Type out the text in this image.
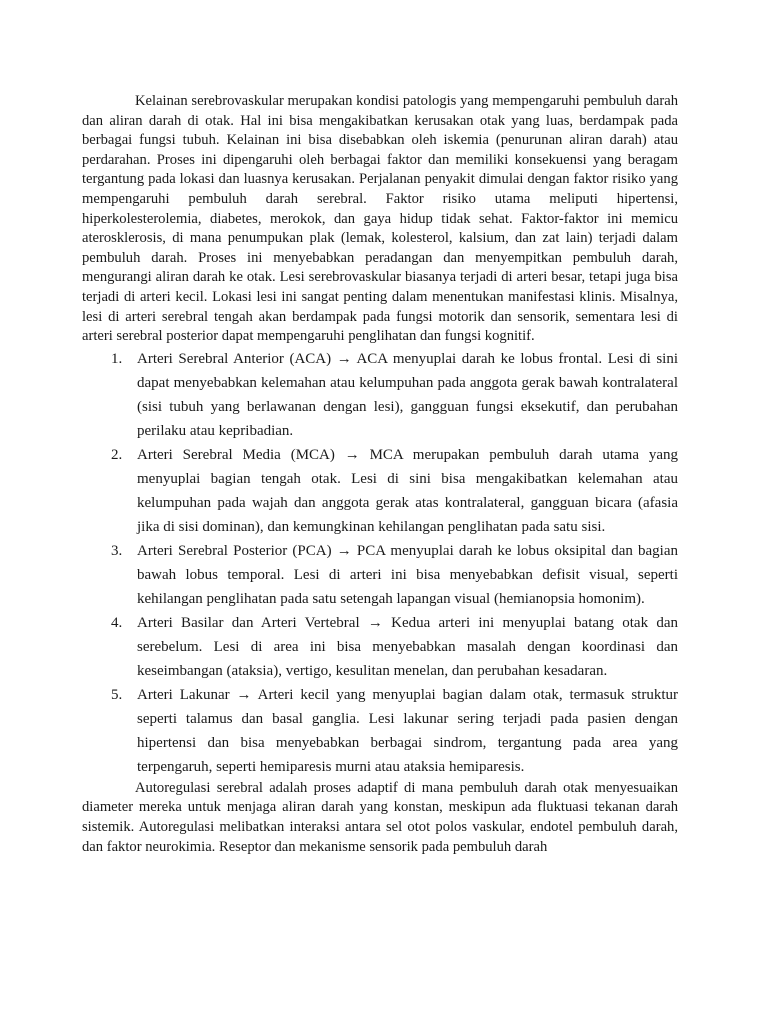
Kelainan serebrovaskular merupakan kondisi patologis yang mempengaruhi pembuluh darah dan aliran darah di otak. Hal ini bisa mengakibatkan kerusakan otak yang luas, berdampak pada berbagai fungsi tubuh. Kelainan ini bisa disebabkan oleh iskemia (penurunan aliran darah) atau perdarahan. Proses ini dipengaruhi oleh berbagai faktor dan memiliki konsekuensi yang beragam tergantung pada lokasi dan luasnya kerusakan. Perjalanan penyakit dimulai dengan faktor risiko yang mempengaruhi pembuluh darah serebral. Faktor risiko utama meliputi hipertensi, hiperkolesterolemia, diabetes, merokok, dan gaya hidup tidak sehat. Faktor-faktor ini memicu aterosklerosis, di mana penumpukan plak (lemak, kolesterol, kalsium, dan zat lain) terjadi dalam pembuluh darah. Proses ini menyebabkan peradangan dan menyempitkan pembuluh darah, mengurangi aliran darah ke otak. Lesi serebrovaskular biasanya terjadi di arteri besar, tetapi juga bisa terjadi di arteri kecil. Lokasi lesi ini sangat penting dalam menentukan manifestasi klinis. Misalnya, lesi di arteri serebral tengah akan berdampak pada fungsi motorik dan sensorik, sementara lesi di arteri serebral posterior dapat mempengaruhi penglihatan dan fungsi kognitif.

1. Arteri Serebral Anterior (ACA) → ACA menyuplai darah ke lobus frontal. Lesi di sini dapat menyebabkan kelemahan atau kelumpuhan pada anggota gerak bawah kontralateral (sisi tubuh yang berlawanan dengan lesi), gangguan fungsi eksekutif, dan perubahan perilaku atau kepribadian.
2. Arteri Serebral Media (MCA) → MCA merupakan pembuluh darah utama yang menyuplai bagian tengah otak. Lesi di sini bisa mengakibatkan kelemahan atau kelumpuhan pada wajah dan anggota gerak atas kontralateral, gangguan bicara (afasia jika di sisi dominan), dan kemungkinan kehilangan penglihatan pada satu sisi.
3. Arteri Serebral Posterior (PCA) → PCA menyuplai darah ke lobus oksipital dan bagian bawah lobus temporal. Lesi di arteri ini bisa menyebabkan defisit visual, seperti kehilangan penglihatan pada satu setengah lapangan visual (hemianopsia homonim).
4. Arteri Basilar dan Arteri Vertebral → Kedua arteri ini menyuplai batang otak dan serebelum. Lesi di area ini bisa menyebabkan masalah dengan koordinasi dan keseimbangan (ataksia), vertigo, kesulitan menelan, dan perubahan kesadaran.
5. Arteri Lakunar → Arteri kecil yang menyuplai bagian dalam otak, termasuk struktur seperti talamus dan basal ganglia. Lesi lakunar sering terjadi pada pasien dengan hipertensi dan bisa menyebabkan berbagai sindrom, tergantung pada area yang terpengaruh, seperti hemiparesis murni atau ataksia hemiparesis.

Autoregulasi serebral adalah proses adaptif di mana pembuluh darah otak menyesuaikan diameter mereka untuk menjaga aliran darah yang konstan, meskipun ada fluktuasi tekanan darah sistemik. Autoregulasi melibatkan interaksi antara sel otot polos vaskular, endotel pembuluh darah, dan faktor neurokimia. Reseptor dan mekanisme sensorik pada pembuluh darah
